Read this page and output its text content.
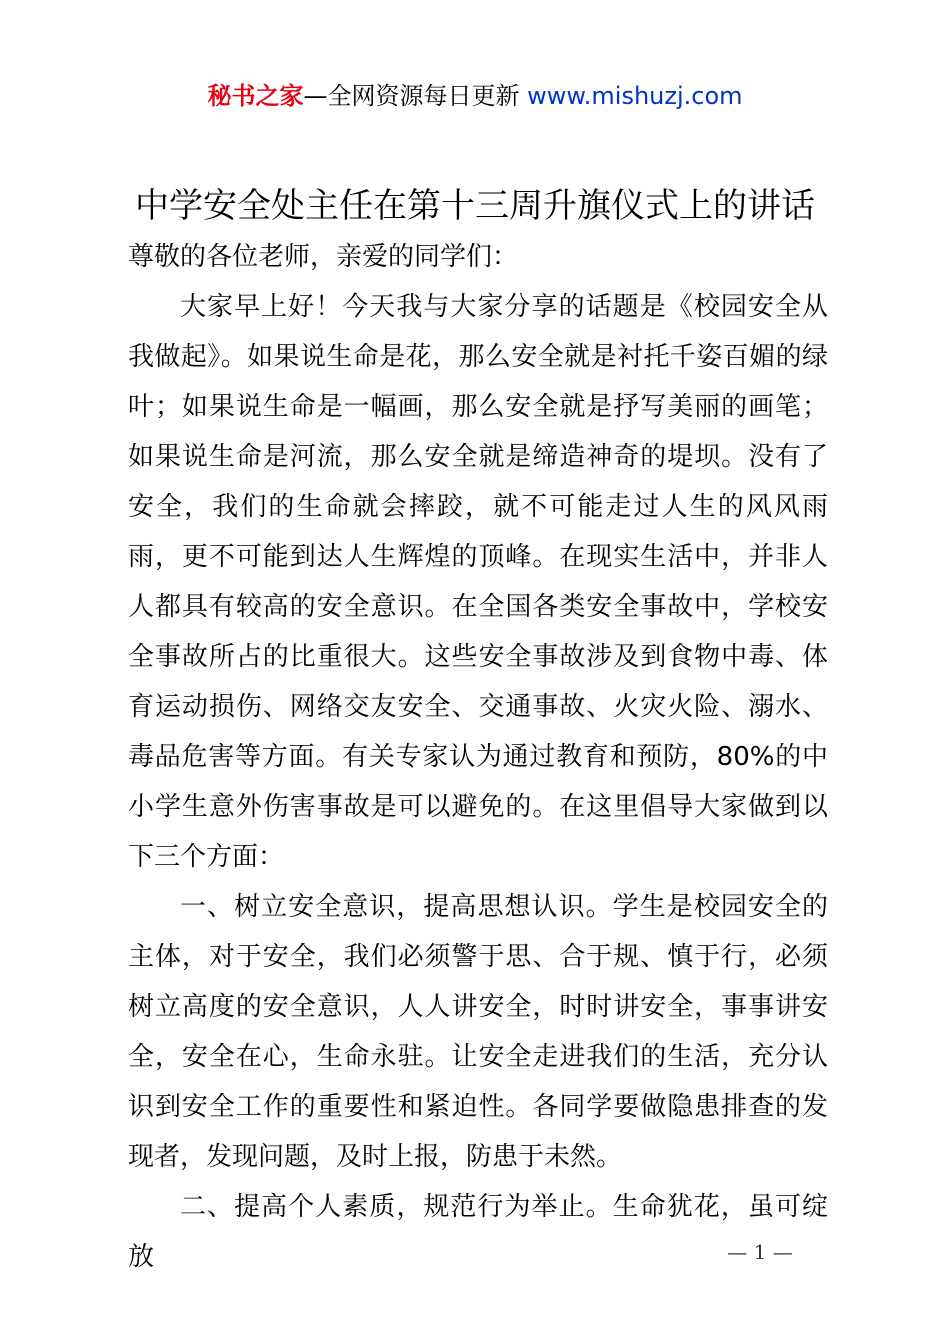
秘书之家—全网资源每日更新 www.mishuzj.com
中学安全处主任在第十三周升旗仪式上的讲话

尊敬的各位老师，亲爱的同学们：

大家早上好！今天我与大家分享的话题是《校园安全从我做起》。如果说生命是花，那么安全就是衬托千姿百媚的绿叶；如果说生命是一幅画，那么安全就是抒写美丽的画笔；如果说生命是河流，那么安全就是缔造神奇的堤坝。没有了安全，我们的生命就会摔跤，就不可能走过人生的风风雨雨，更不可能到达人生辉煌的顶峰。在现实生活中，并非人人都具有较高的安全意识。在全国各类安全事故中，学校安全事故所占的比重很大。这些安全事故涉及到食物中毒、体育运动损伤、网络交友安全、交通事故、火灾火险、溺水、毒品危害等方面。有关专家认为通过教育和预防，80%的中小学生意外伤害事故是可以避免的。在这里倡导大家做到以下三个方面：

一、树立安全意识，提高思想认识。学生是校园安全的主体，对于安全，我们必须警于思、合于规、慎于行，必须树立高度的安全意识，人人讲安全，时时讲安全，事事讲安全，安全在心，生命永驻。让安全走进我们的生活，充分认识到安全工作的重要性和紧迫性。各同学要做隐患排查的发现者，发现问题，及时上报，防患于未然。

二、提高个人素质，规范行为举止。生命犹花，虽可绽放	— 1 —
